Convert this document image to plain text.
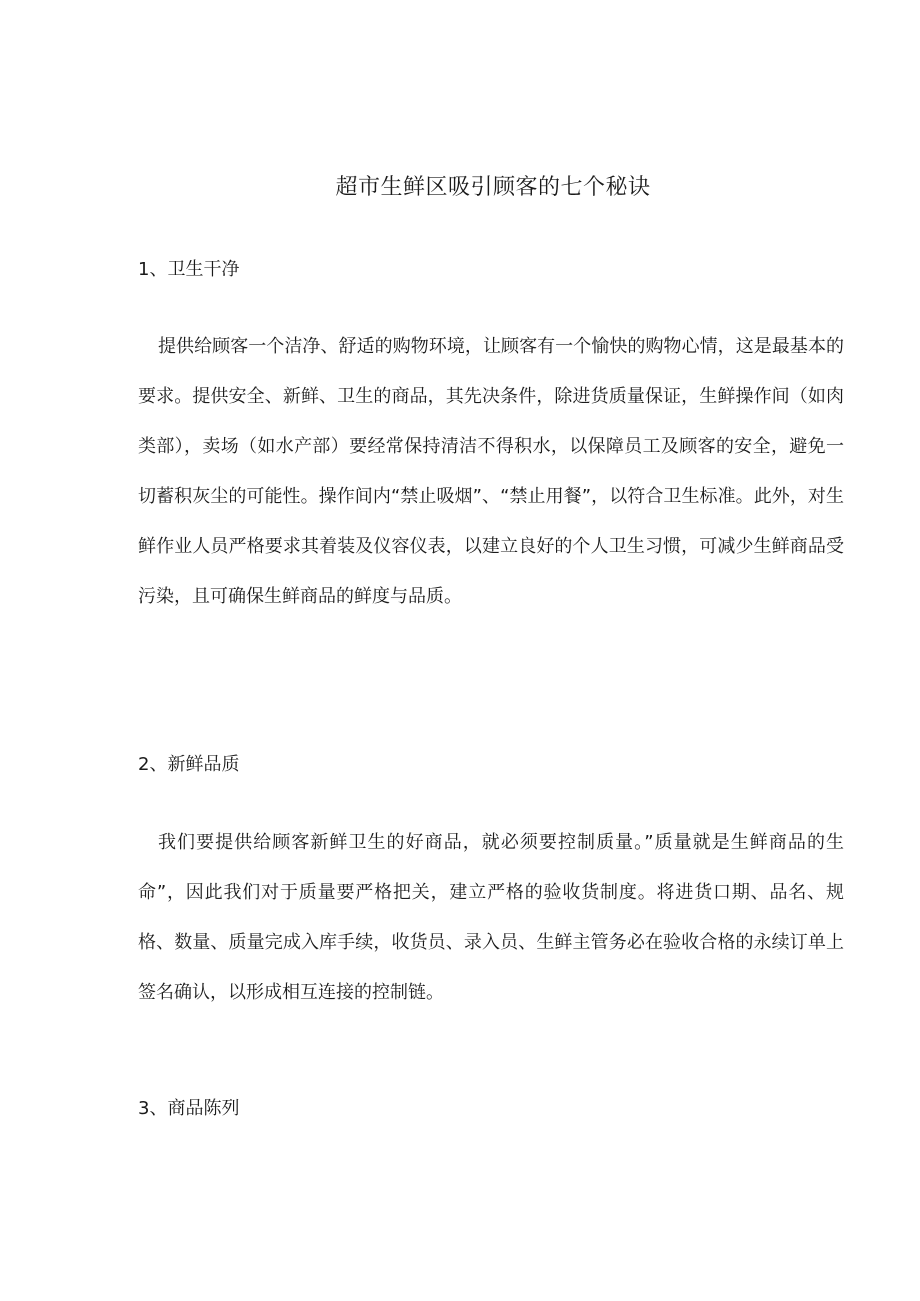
超市生鲜区吸引顾客的七个秘诀
1、卫生干净

提供给顾客一个洁净、舒适的购物环境，让顾客有一个愉快的购物心情，这是最基本的要求。提供安全、新鲜、卫生的商品，其先决条件，除进货质量保证，生鲜操作间（如肉类部），卖场（如水产部）要经常保持清洁不得积水，以保障员工及顾客的安全，避免一切蓄积灰尘的可能性。操作间内“禁止吸烟”、“禁止用餐”，以符合卫生标准。此外，对生鲜作业人员严格要求其着装及仪容仪表，以建立良好的个人卫生习惯，可减少生鲜商品受污染，且可确保生鲜商品的鲜度与品质。

2、新鲜品质

我们要提供给顾客新鲜卫生的好商品，就必须要控制质量。”质量就是生鲜商品的生命”，因此我们对于质量要严格把关，建立严格的验收货制度。将进货口期、品名、规格、数量、质量完成入库手续，收货员、录入员、生鲜主管务必在验收合格的永续订单上签名确认，以形成相互连接的控制链。

3、商品陈列
